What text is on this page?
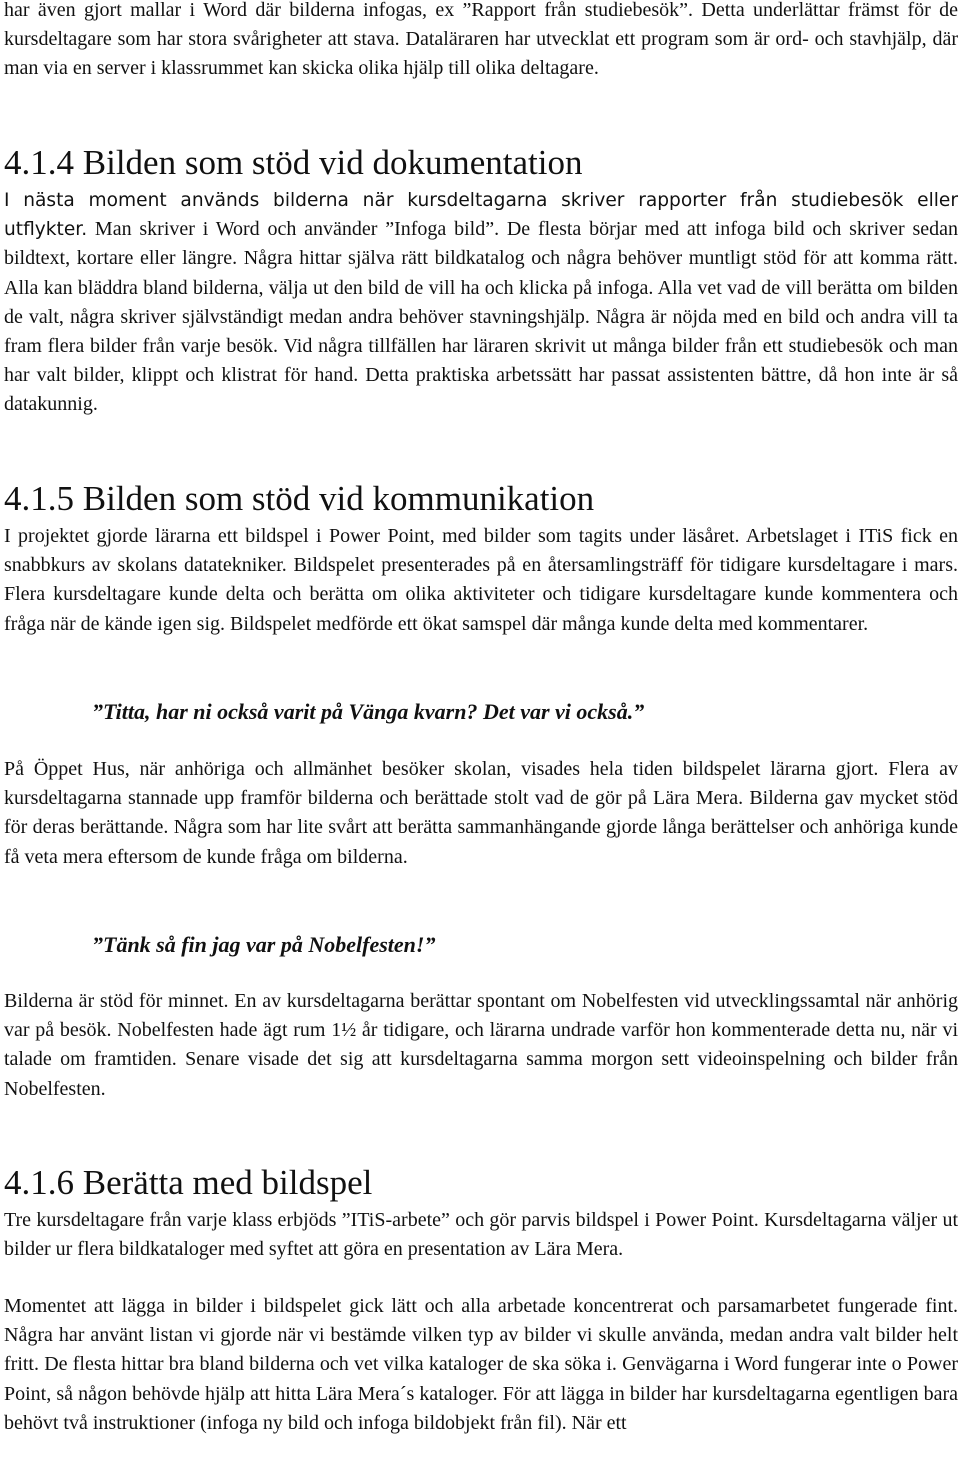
har även gjort mallar i Word där bilderna infogas, ex ”Rapport från studiebesök”. Detta underlättar främst för de kursdeltagare som har stora svårigheter att stava. Dataläraren har utvecklat ett program som är ord- och stavhjälp, där man via en server i klassrummet kan skicka olika hjälp till olika deltagare.

4.1.4 Bilden som stöd vid dokumentation

I nästa moment används bilderna när kursdeltagarna skriver rapporter från studiebesök eller utflykter. Man skriver i Word och använder ”Infoga bild”. De flesta börjar med att infoga bild och skriver sedan bildtext, kortare eller längre. Några hittar själva rätt bildkatalog och några behöver muntligt stöd för att komma rätt. Alla kan bläddra bland bilderna, välja ut den bild de vill ha och klicka på infoga. Alla vet vad de vill berätta om bilden de valt, några skriver självständigt medan andra behöver stavningshjälp. Några är nöjda med en bild och andra vill ta fram flera bilder från varje besök. Vid några tillfällen har läraren skrivit ut många bilder från ett studiebesök och man har valt bilder, klippt och klistrat för hand. Detta praktiska arbetssätt har passat assistenten bättre, då hon inte är så datakunnig.

4.1.5 Bilden som stöd vid kommunikation

I projektet gjorde lärarna ett bildspel i Power Point, med bilder som tagits under läsåret. Arbetslaget i ITiS fick en snabbkurs av skolans datatekniker. Bildspelet presenterades på en återsamlingsträff för tidigare kursdeltagare i mars. Flera kursdeltagare kunde delta och berätta om olika aktiviteter och tidigare kursdeltagare kunde kommentera och fråga när de kände igen sig. Bildspelet medförde ett ökat samspel där många kunde delta med kommentarer.

”Titta, har ni också varit på Vänga kvarn? Det var vi också.”

På Öppet Hus, när anhöriga och allmänhet besöker skolan, visades hela tiden bildspelet lärarna gjort. Flera av kursdeltagarna stannade upp framför bilderna och berättade stolt vad de gör på Lära Mera. Bilderna gav mycket stöd för deras berättande. Några som har lite svårt att berätta sammanhängande gjorde långa berättelser och anhöriga kunde få veta mera eftersom de kunde fråga om bilderna.

”Tänk så fin jag var på Nobelfesten!”

Bilderna är stöd för minnet. En av kursdeltagarna berättar spontant om Nobelfesten vid utvecklingssamtal när anhörig var på besök. Nobelfesten hade ägt rum 1½ år tidigare, och lärarna undrade varför hon kommenterade detta nu, när vi talade om framtiden. Senare visade det sig att kursdeltagarna samma morgon sett videoinspelning och bilder från Nobelfesten.

4.1.6 Berätta med bildspel

Tre kursdeltagare från varje klass erbjöds ”ITiS-arbete” och gör parvis bildspel i Power Point. Kursdeltagarna väljer ut bilder ur flera bildkataloger med syftet att göra en presentation av Lära Mera.

Momentet att lägga in bilder i bildspelet gick lätt och alla arbetade koncentrerat och parsamarbetet fungerade fint. Några har använt listan vi gjorde när vi bestämde vilken typ av bilder vi skulle använda, medan andra valt bilder helt fritt. De flesta hittar bra bland bilderna och vet vilka kataloger de ska söka i. Genvägarna i Word fungerar inte o Power Point, så någon behövde hjälp att hitta Lära Mera´s kataloger. För att lägga in bilder har kursdeltagarna egentligen bara behövt två instruktioner (infoga ny bild och infoga bildobjekt från fil). När ett
